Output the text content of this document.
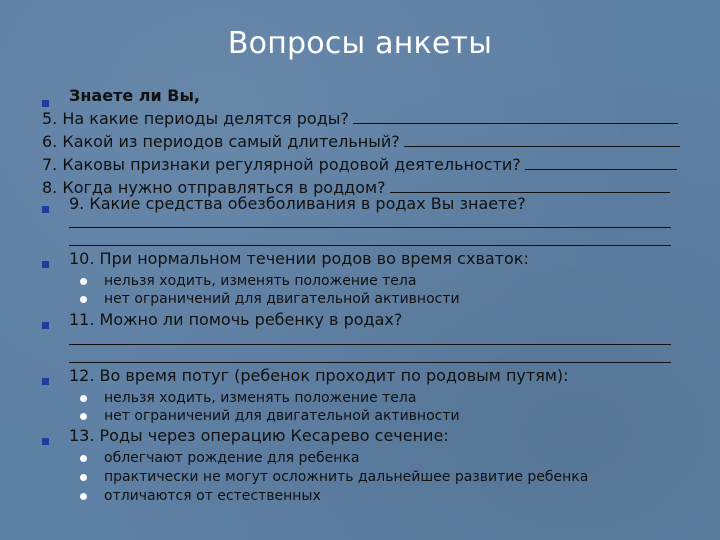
Вопросы анкеты
Знаете ли Вы,
5. На какие периоды делятся роды?
6. Какой из периодов самый длительный?
7. Каковы признаки регулярной родовой деятельности?
8. Когда нужно отправляться в роддом?
9. Какие средства обезболивания в родах Вы знаете?
10. При нормальном течении родов во время схваток:
нельзя ходить, изменять положение тела
нет ограничений для двигательной активности
11. Можно ли помочь ребенку в родах?
12. Во время потуг (ребенок проходит по родовым путям):
нельзя ходить, изменять положение тела
нет ограничений для двигательной активности
13. Роды через операцию Кесарево сечение:
облегчают рождение для ребенка
практически не могут осложнить дальнейшее развитие ребенка
отличаются от естественных
